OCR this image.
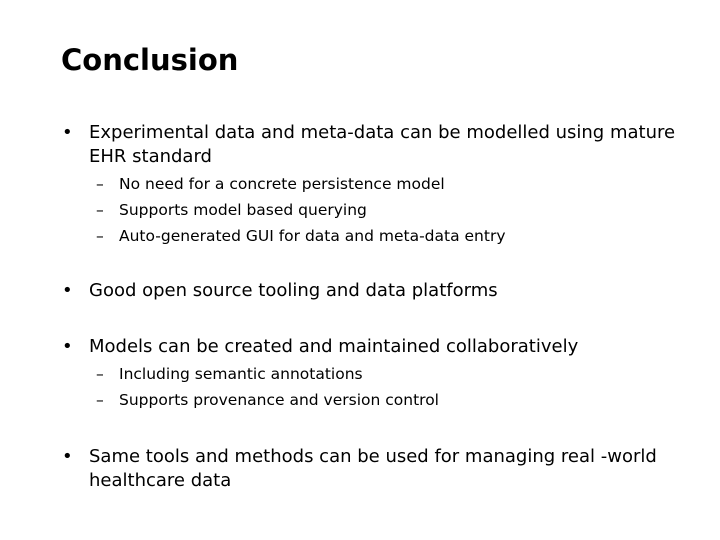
Conclusion
• Experimental data and meta-data can be modelled using mature EHR standard
– No need for a concrete persistence model
– Supports model based querying
– Auto-generated GUI for data and meta-data entry
• Good open source tooling and data platforms
• Models can be created and maintained collaboratively
– Including semantic annotations
– Supports provenance and version control
• Same tools and methods can be used for managing real -world healthcare data
